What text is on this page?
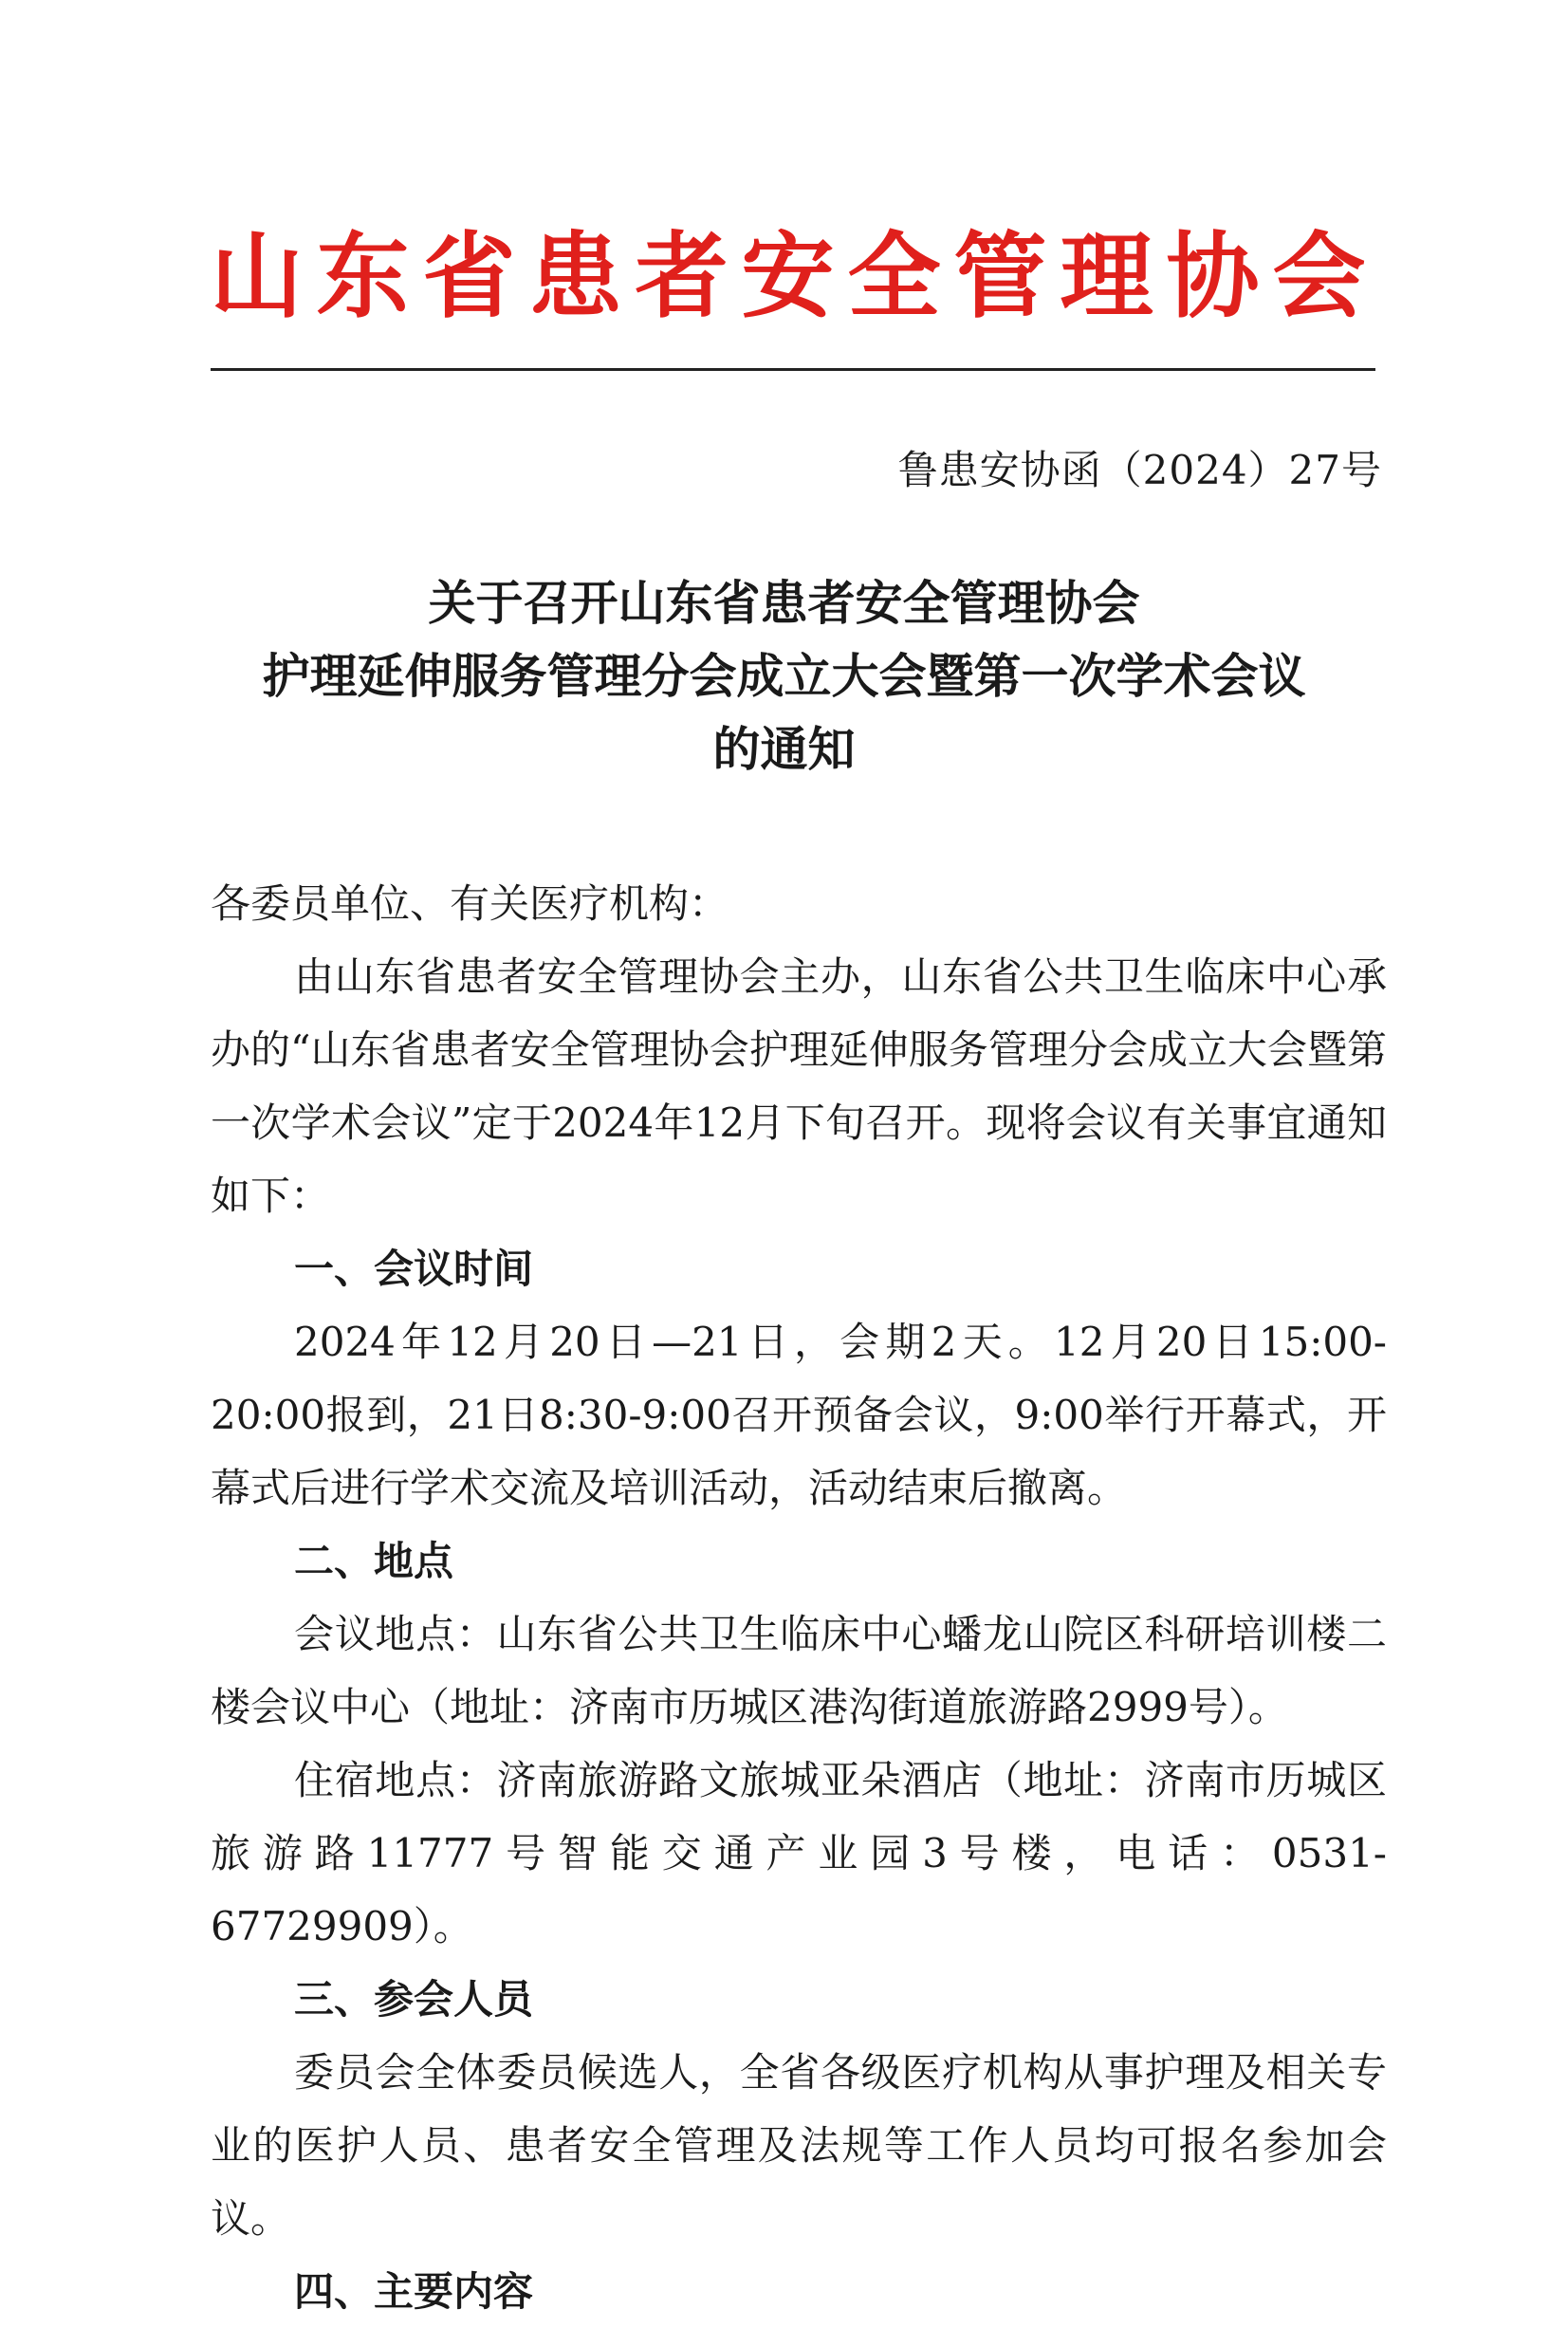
山东省患者安全管理协会
鲁患安协函（2024）27号
关于召开山东省患者安全管理协会
护理延伸服务管理分会成立大会暨第一次学术会议
的通知

各委员单位、有关医疗机构：

由山东省患者安全管理协会主办，山东省公共卫生临床中心承办的“山东省患者安全管理协会护理延伸服务管理分会成立大会暨第一次学术会议”定于2024年12月下旬召开。现将会议有关事宜通知如下：

一、会议时间

2024年12月20日—21日，会期2天。12月20日15:00-20:00报到，21日8:30-9:00召开预备会议，9:00举行开幕式，开幕式后进行学术交流及培训活动，活动结束后撤离。

二、地点

会议地点：山东省公共卫生临床中心蟠龙山院区科研培训楼二楼会议中心（地址：济南市历城区港沟街道旅游路2999号）。

住宿地点：济南旅游路文旅城亚朵酒店（地址：济南市历城区旅游路11777号智能交通产业园3号楼，电话：0531-67729909）。

三、参会人员

委员会全体委员候选人，全省各级医疗机构从事护理及相关专业的医护人员、患者安全管理及法规等工作人员均可报名参加会议。

四、主要内容
